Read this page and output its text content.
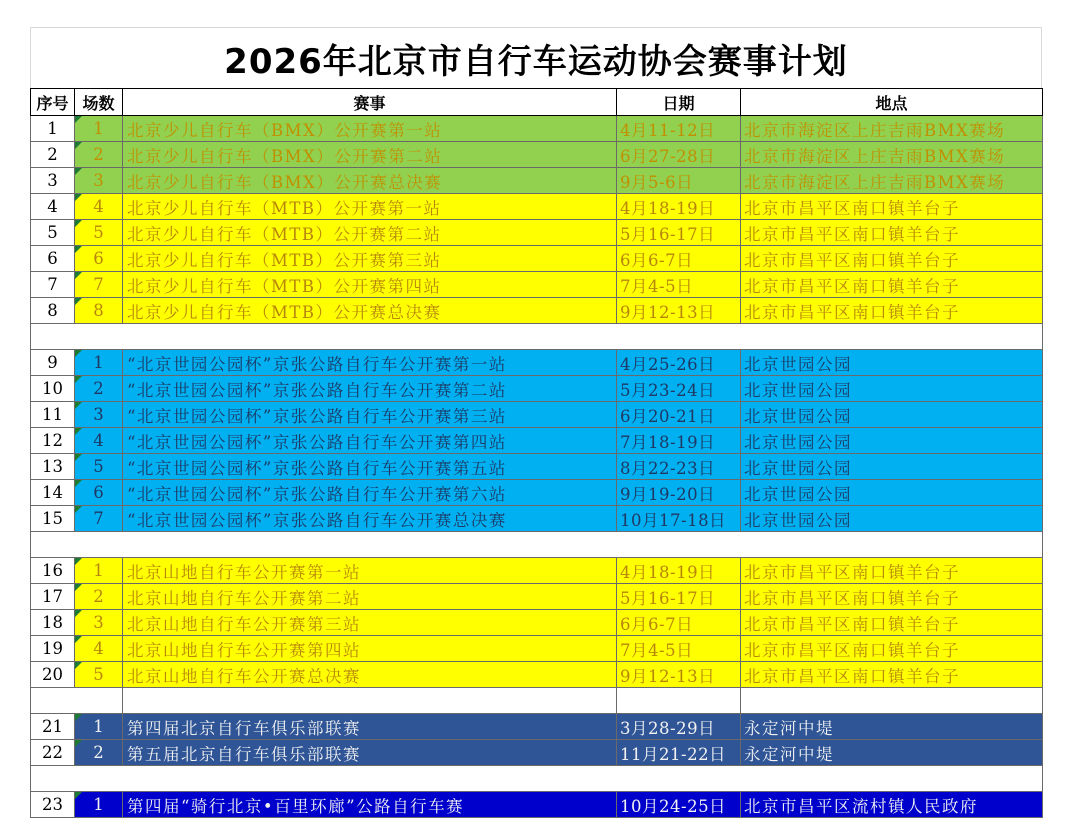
2026年北京市自行车运动协会赛事计划
序号	场数	赛事	日期	地点
1	1	北京少儿自行车（BMX）公开赛第一站	4月11-12日	北京市海淀区上庄吉雨BMX赛场
2	2	北京少儿自行车（BMX）公开赛第二站	6月27-28日	北京市海淀区上庄吉雨BMX赛场
3	3	北京少儿自行车（BMX）公开赛总决赛	9月5-6日	北京市海淀区上庄吉雨BMX赛场
4	4	北京少儿自行车（MTB）公开赛第一站	4月18-19日	北京市昌平区南口镇羊台子
5	5	北京少儿自行车（MTB）公开赛第二站	5月16-17日	北京市昌平区南口镇羊台子
6	6	北京少儿自行车（MTB）公开赛第三站	6月6-7日	北京市昌平区南口镇羊台子
7	7	北京少儿自行车（MTB）公开赛第四站	7月4-5日	北京市昌平区南口镇羊台子
8	8	北京少儿自行车（MTB）公开赛总决赛	9月12-13日	北京市昌平区南口镇羊台子

9	1	“北京世园公园杯”京张公路自行车公开赛第一站	4月25-26日	北京世园公园
10	2	“北京世园公园杯”京张公路自行车公开赛第二站	5月23-24日	北京世园公园
11	3	“北京世园公园杯”京张公路自行车公开赛第三站	6月20-21日	北京世园公园
12	4	“北京世园公园杯”京张公路自行车公开赛第四站	7月18-19日	北京世园公园
13	5	“北京世园公园杯”京张公路自行车公开赛第五站	8月22-23日	北京世园公园
14	6	“北京世园公园杯”京张公路自行车公开赛第六站	9月19-20日	北京世园公园
15	7	“北京世园公园杯”京张公路自行车公开赛总决赛	10月17-18日	北京世园公园

16	1	北京山地自行车公开赛第一站	4月18-19日	北京市昌平区南口镇羊台子
17	2	北京山地自行车公开赛第二站	5月16-17日	北京市昌平区南口镇羊台子
18	3	北京山地自行车公开赛第三站	6月6-7日	北京市昌平区南口镇羊台子
19	4	北京山地自行车公开赛第四站	7月4-5日	北京市昌平区南口镇羊台子
20	5	北京山地自行车公开赛总决赛	9月12-13日	北京市昌平区南口镇羊台子

21	1	第四届北京自行车俱乐部联赛	3月28-29日	永定河中堤
22	2	第五届北京自行车俱乐部联赛	11月21-22日	永定河中堤

23	1	第四届“骑行北京•百里环廊”公路自行车赛	10月24-25日	北京市昌平区流村镇人民政府
